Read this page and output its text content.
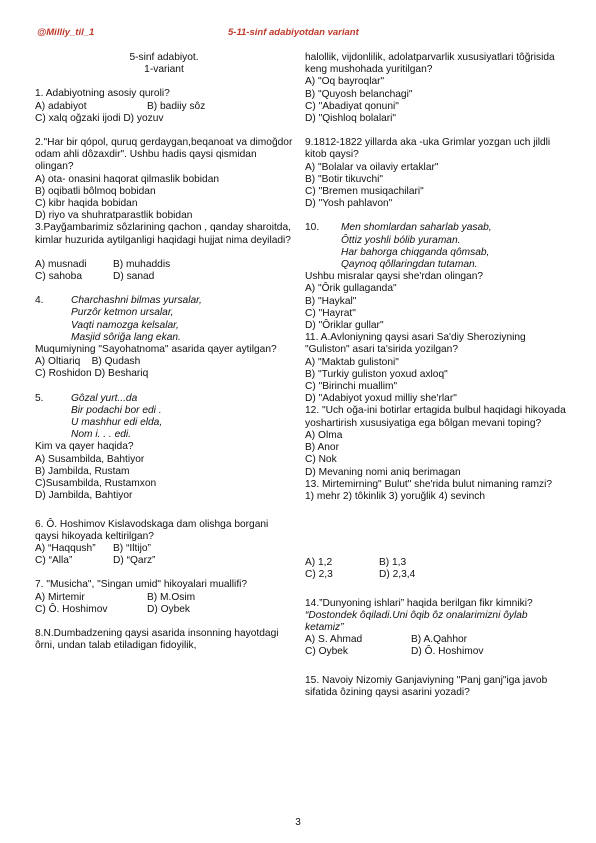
@Milliy_til_1	5-11-sinf adabiyotdan variant

5-sinf adabiyot.

1-variant

1. Adabiyotning asosiy quroli?

A) adabiyot	B) badiiy sôz

C) xalq oğzaki ijodi D) yozuv

2."Har bir qópol, quruq gerdaygan,beqanoat va dimoğdor odam ahli dôzaxdir". Ushbu hadis qaysi qismidan olingan?

A) ota- onasini haqorat qilmaslik bobidan

B) oqibatli bôlmoq bobidan

C) kibr haqida bobidan

D) riyo va shuhratparastlik bobidan

3.Payğambarimiz sôzlarining qachon , qanday sharoitda, kimlar huzurida aytilganligi haqidagi hujjat nima deyiladi?

A) musnadi	B) muhaddis
C) sahoba	D) sanad
4.	Charchashni bilmas yursalar,

Purzôr ketmon ursalar,

Vaqti namozga kelsalar,

Masjid sôriğa lang ekan.

Muqumiyning "Sayohatnoma" asarida qayer aytilgan?

A) Oltiariq    B) Qudash

C) Roshidon D) Beshariq

5.	Gôzal yurt...da

Bir podachi bor edi .

U mashhur edi elda,

Nom i. . . edi.

Kim va qayer haqida?

A) Susambilda, Bahtiyor

B) Jambilda, Rustam

C)Susambilda, Rustamxon

D) Jambilda, Bahtiyor

6. Ô. Hoshimov Kislavodskaga dam olishga borgani qaysi hikoyada keltirilgan?

A) “Haqqush”	B) “Iltijo”
C) “Alla”	D) “Qarz”

7. "Musicha", "Singan umid" hikoyalari muallifi?

A) Mirtemir	B) M.Osim
C) Ô. Hoshimov	D) Oybek

8.N.Dumbadzening qaysi asarida insonning hayotdagi ôrni, undan talab etiladigan fidoyilik,

halollik, vijdonlilik, adolatparvarlik xususiyatlari tôğrisida keng mushohada yuritilgan?

A) "Oq bayroqlar"

B) "Quyosh belanchagi"

C) "Abadiyat qonuni"

D) "Qishloq bolalari"

9.1812-1822 yillarda aka -uka Grimlar yozgan uch jildli kitob qaysi?

A) "Bolalar va oilaviy ertaklar"

B) "Botir tikuvchi"

C) "Bremen musiqachilari"

D) "Yosh pahlavon"

10.	Men shomlardan saharlab yasab,

Ôttiz yoshli bólib yuraman.

Har bahorga chiqganda qômsab,

Qaynoq qôllaringdan tutaman.

Ushbu misralar qaysi she'rdan olingan?

A) "Ôrik gullaganda"

B) "Haykal"

C) "Hayrat"

D) "Ôriklar gullar"

11. A.Avloniyning qaysi asari Sa'diy Sheroziyning "Guliston" asari ta'sirida yozilgan?

A) "Maktab gulistoni"

B) "Turkiy guliston yoxud axloq"

C) "Birinchi muallim"

D) "Adabiyot yoxud milliy she'rlar"

12. "Uch oğa-ini botirlar ertagida bulbul haqidagi hikoyada yoshartirish xususiyatiga ega bôlgan mevani toping?

A) Olma

B) Anor

C) Nok

D) Mevaning nomi aniq berimagan

13. Mirtemirning" Bulut" she'rida bulut nimaning ramzi?

1) mehr 2) tôkinlik 3) yoruğlik 4) sevinch

A) 1,2	B) 1,3
C) 2,3	D) 2,3,4

14.”Dunyoning ishlari” haqida berilgan fikr kimniki?

“Dostondek ôqiladi.Uni ôqib ôz onalarimizni ôylab ketamiz”

A) S. Ahmad	B) A.Qahhor
C) Oybek	D) Ô. Hoshimov

15. Navoiy Nizomiy Ganjaviyning "Panj ganj"iga javob sifatida ôzining qaysi asarini yozadi?

3
